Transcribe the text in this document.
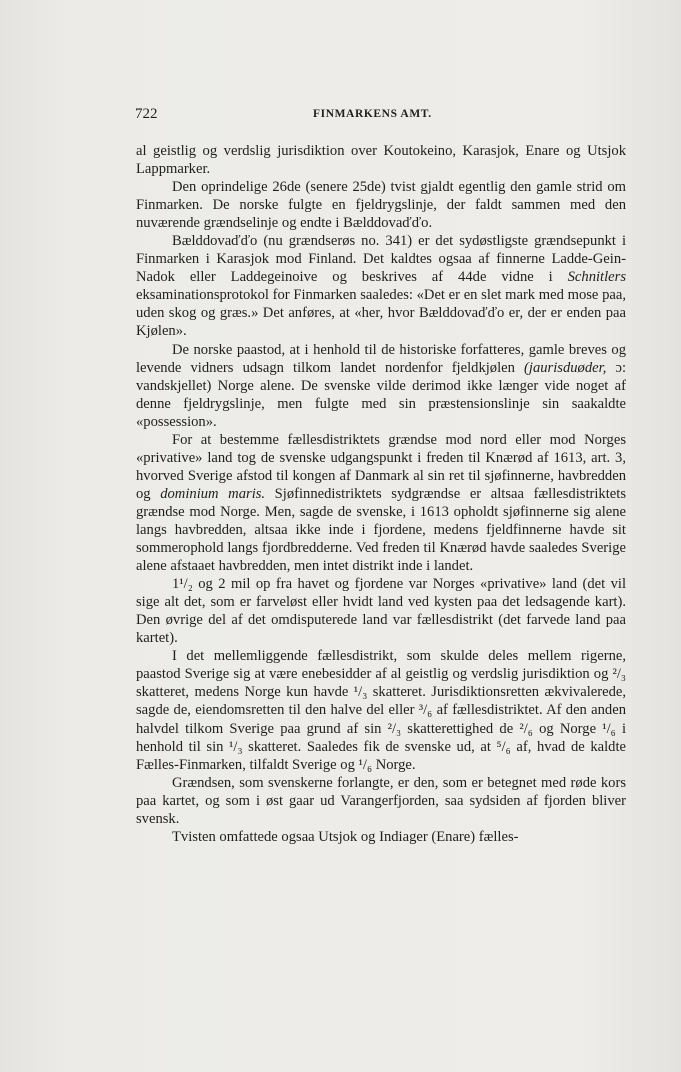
722	FINMARKENS AMT.

al geistlig og verdslig jurisdiktion over Koutokeino, Karasjok, Enare og Utsjok Lappmarker.

Den oprindelige 26de (senere 25de) tvist gjaldt egentlig den gamle strid om Finmarken. De norske fulgte en fjeldrygslinje, der faldt sammen med den nuværende grændselinje og endte i Bælddovaďďo.

Bælddovaďďo (nu grændserøs no. 341) er det sydøstligste grændsepunkt i Finmarken i Karasjok mod Finland. Det kaldtes ogsaa af finnerne Ladde-Gein-Nadok eller Laddegeinoive og beskrives af 44de vidne i Schnitlers eksaminationsprotokol for Finmarken saaledes: «Det er en slet mark med mose paa, uden skog og græs.» Det anføres, at «her, hvor Bælddovaďďo er, der er enden paa Kjølen».

De norske paastod, at i henhold til de historiske forfatteres, gamle breves og levende vidners udsagn tilkom landet nordenfor fjeldkjølen (jaurisduøder, ɔ: vandskjellet) Norge alene. De svenske vilde derimod ikke længer vide noget af denne fjeldrygslinje, men fulgte med sin præstensionslinje sin saakaldte «possession».

For at bestemme fællesdistriktets grændse mod nord eller mod Norges «privative» land tog de svenske udgangspunkt i freden til Knærød af 1613, art. 3, hvorved Sverige afstod til kongen af Danmark al sin ret til sjøfinnerne, havbredden og dominium maris. Sjøfinnedistriktets sydgrændse er altsaa fællesdistriktets grændse mod Norge. Men, sagde de svenske, i 1613 opholdt sjøfinnerne sig alene langs havbredden, altsaa ikke inde i fjordene, medens fjeldfinnerne havde sit sommerophold langs fjordbredderne. Ved freden til Knærød havde saaledes Sverige alene afstaaet havbredden, men intet distrikt inde i landet.

1¹/₂ og 2 mil op fra havet og fjordene var Norges «privative» land (det vil sige alt det, som er farveløst eller hvidt land ved kysten paa det ledsagende kart). Den øvrige del af det omdisputerede land var fællesdistrikt (det farvede land paa kartet).

I det mellemliggende fællesdistrikt, som skulde deles mellem rigerne, paastod Sverige sig at være enebesidder af al geistlig og verdslig jurisdiktion og ²/₃ skatteret, medens Norge kun havde ¹/₃ skatteret. Jurisdiktionsretten ækvivalerede, sagde de, eiendomsretten til den halve del eller ³/₆ af fællesdistriktet. Af den anden halvdel tilkom Sverige paa grund af sin ²/₃ skatterettighed de ²/₆ og Norge ¹/₆ i henhold til sin ¹/₃ skatteret. Saaledes fik de svenske ud, at ⁵/₆ af, hvad de kaldte Fælles-Finmarken, tilfaldt Sverige og ¹/₆ Norge.

Grændsen, som svenskerne forlangte, er den, som er betegnet med røde kors paa kartet, og som i øst gaar ud Varangerfjorden, saa sydsiden af fjorden bliver svensk.

Tvisten omfattede ogsaa Utsjok og Indiager (Enare) fælles-
